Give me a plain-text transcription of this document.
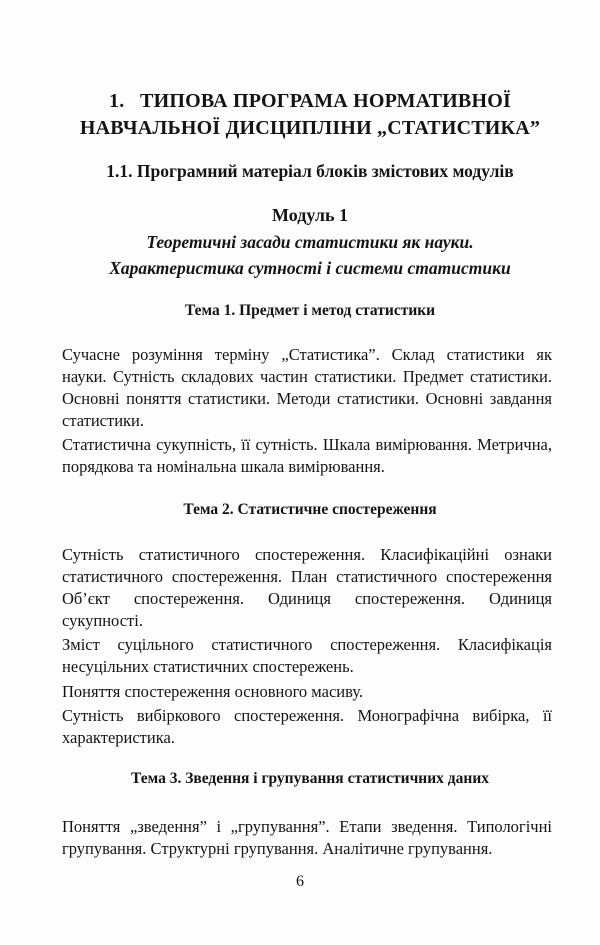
1. ТИПОВА ПРОГРАМА НОРМАТИВНОЇ
НАВЧАЛЬНОЇ ДИСЦИПЛІНИ „СТАТИСТИКА”
1.1. Програмний матеріал блоків змістових модулів
Модуль 1
Теоретичні засади статистики як науки.
Характеристика сутності і системи статистики
Тема 1. Предмет і метод статистики

Сучасне розуміння терміну „Статистика”. Склад статистики як науки. Сутність складових частин статистики. Предмет статистики. Основні поняття статистики. Методи статистики. Основні завдання статистики.

Статистична сукупність, її сутність. Шкала вимірювання. Метрична, порядкова та номінальна шкала вимірювання.

Тема 2. Статистичне спостереження

Сутність статистичного спостереження. Класифікаційні ознаки статистичного спостереження. План статистичного спостереження Об’єкт спостереження. Одиниця спостереження. Одиниця сукупності.

Зміст суцільного статистичного спостереження. Класифікація несуцільних статистичних спостережень.

Поняття спостереження основного масиву.

Сутність вибіркового спостереження. Монографічна вибірка, її характеристика.

Тема 3. Зведення і групування статистичних даних

Поняття „зведення” і „групування”. Етапи зведення. Типологічні групування. Структурні групування. Аналітичне групування.

6
